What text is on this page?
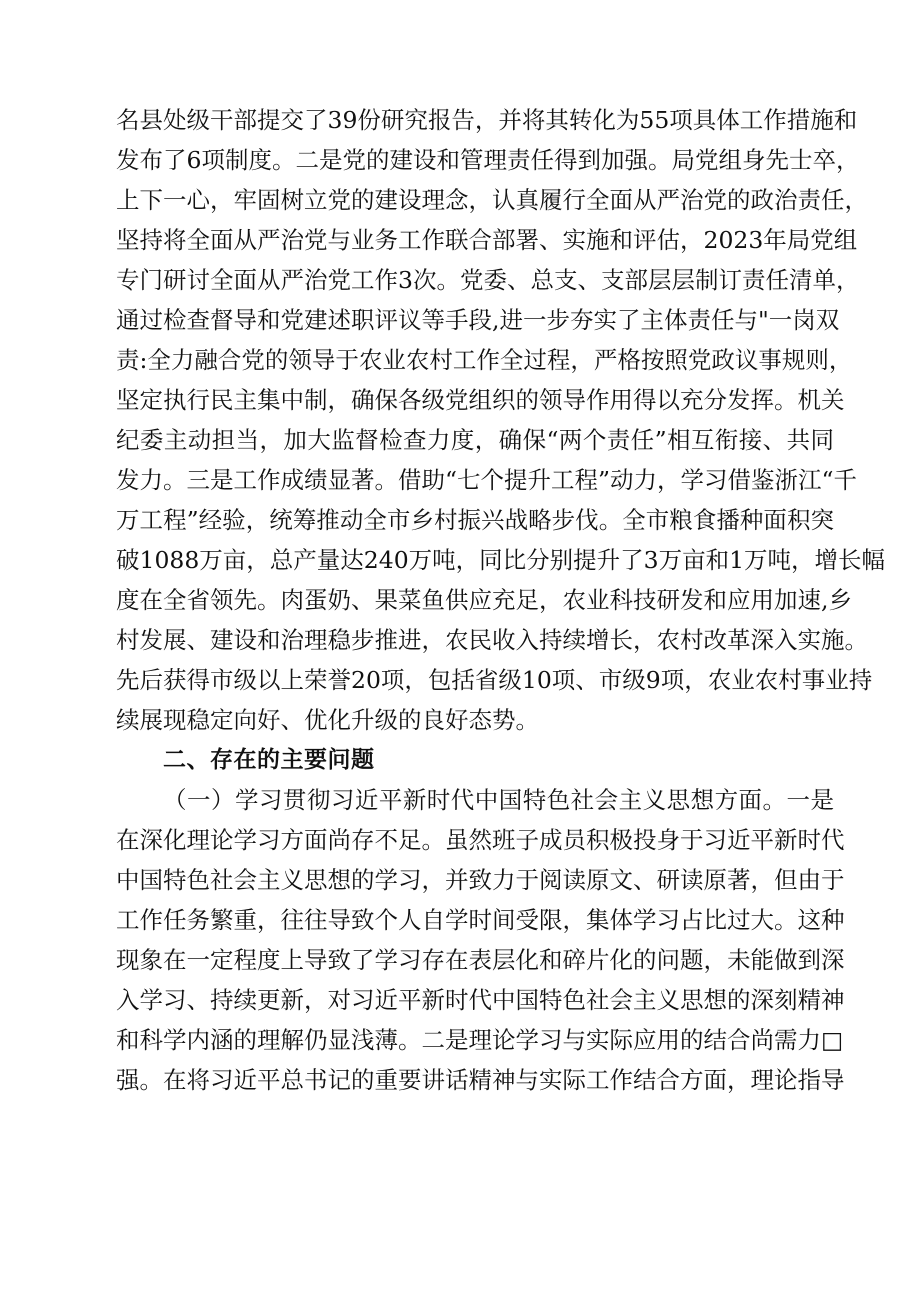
名县处级干部提交了39份研究报告，并将其转化为55项具体工作措施和
发布了6项制度。二是党的建设和管理责任得到加强。局党组身先士卒，
上下一心，牢固树立党的建设理念，认真履行全面从严治党的政治责任，
坚持将全面从严治党与业务工作联合部署、实施和评估，2023年局党组
专门研讨全面从严治党工作3次。党委、总支、支部层层制订责任清单，
通过检查督导和党建述职评议等手段,进一步夯实了主体责任与"一岗双
责:全力融合党的领导于农业农村工作全过程，严格按照党政议事规则，
坚定执行民主集中制，确保各级党组织的领导作用得以充分发挥。机关
纪委主动担当，加大监督检查力度，确保“两个责任”相互衔接、共同
发力。三是工作成绩显著。借助“七个提升工程”动力，学习借鉴浙江“千
万工程”经验，统筹推动全市乡村振兴战略步伐。全市粮食播种面积突
破1088万亩，总产量达240万吨，同比分别提升了3万亩和1万吨，增长幅
度在全省领先。肉蛋奶、果菜鱼供应充足，农业科技研发和应用加速,乡
村发展、建设和治理稳步推进，农民收入持续增长，农村改革深入实施。
先后获得市级以上荣誉20项，包括省级10项、市级9项，农业农村事业持
续展现稳定向好、优化升级的良好态势。
二、存在的主要问题
（一）学习贯彻习近平新时代中国特色社会主义思想方面。一是
在深化理论学习方面尚存不足。虽然班子成员积极投身于习近平新时代
中国特色社会主义思想的学习，并致力于阅读原文、研读原著，但由于
工作任务繁重，往往导致个人自学时间受限，集体学习占比过大。这种
现象在一定程度上导致了学习存在表层化和碎片化的问题，未能做到深
入学习、持续更新，对习近平新时代中国特色社会主义思想的深刻精神
和科学内涵的理解仍显浅薄。二是理论学习与实际应用的结合尚需力□
强。在将习近平总书记的重要讲话精神与实际工作结合方面，理论指导
